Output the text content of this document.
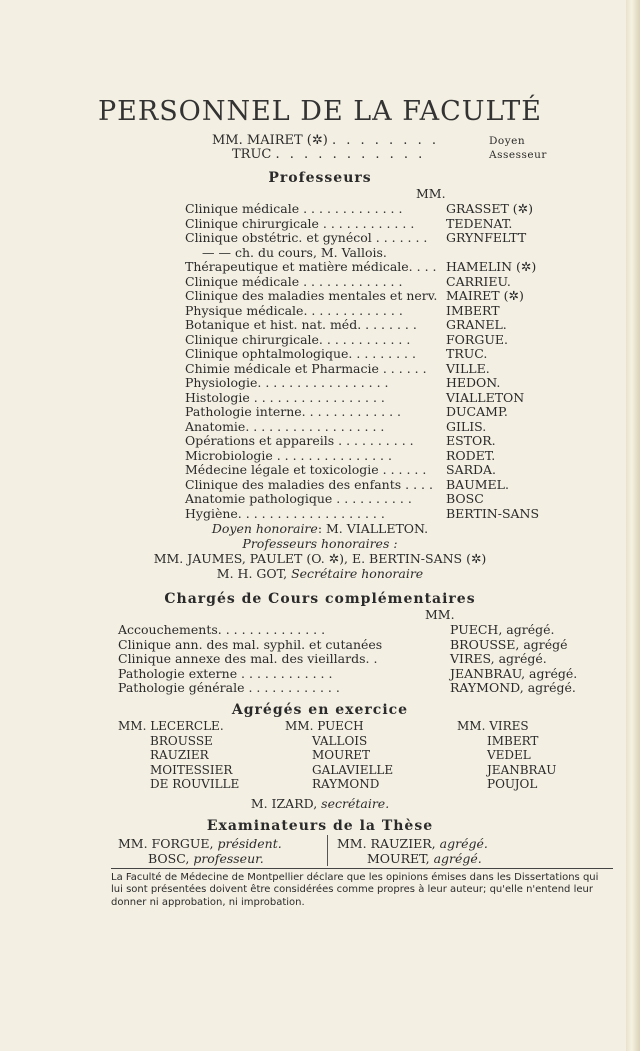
PERSONNEL DE LA FACULTÉ
MM. MAIRET (✲) . . . . . . . .	Doyen
TRUC . . . . . . . . . . .	Assesseur
Professeurs
MM.
Clinique médicale . . . . . . . . . . . . .	GRASSET (✲)
Clinique chirurgicale . . . . . . . . . . . .	TEDENAT.
Clinique obstétric. et gynécol . . . . . . . GRYNFELTT
— — ch. du cours, M. Vallois.
Thérapeutique et matière médicale. . . . HAMELIN (✲)
Clinique médicale . . . . . . . . . . . . .	CARRIEU.
Clinique des maladies mentales et nerv. MAIRET (✲)
Physique médicale. . . . . . . . . . . . .	IMBERT
Botanique et hist. nat. méd. . . . . . . . GRANEL.
Clinique chirurgicale. . . . . . . . . . . .	FORGUE.
Clinique ophtalmologique. . . . . . . . . TRUC.
Chimie médicale et Pharmacie . . . . . . VILLE.
Physiologie. . . . . . . . . . . . . . . . .	HEDON.
Histologie . . . . . . . . . . . . . . . . .	VIALLETON
Pathologie interne. . . . . . . . . . . . .	DUCAMP.
Anatomie. . . . . . . . . . . . . . . . . .	GILIS.
Opérations et appareils . . . . . . . . . .	ESTOR.
Microbiologie . . . . . . . . . . . . . . .	RODET.
Médecine légale et toxicologie . . . . . . SARDA.
Clinique des maladies des enfants . . . . BAUMEL.
Anatomie pathologique . . . . . . . . . .	BOSC
Hygiène. . . . . . . . . . . . . . . . . . .	BERTIN-SANS
Doyen honoraire: M. VIALLETON.
Professeurs honoraires :
MM. JAUMES, PAULET (O. ✲), E. BERTIN-SANS (✲)
M. H. GOT, Secrétaire honoraire
Chargés de Cours complémentaires
MM.
Accouchements. . . . . . . . . . . . . .	PUECH, agrégé.
Clinique ann. des mal. syphil. et cutanées	BROUSSE, agrégé
Clinique annexe des mal. des vieillards. .	VIRES, agrégé.
Pathologie externe . . . . . . . . . . . .	JEANBRAU, agrégé.
Pathologie générale . . . . . . . . . . . .	RAYMOND, agrégé.
Agrégés en exercice
MM. LECERCLE.
BROUSSE
RAUZIER
MOITESSIER
DE ROUVILLE
MM. PUECH
VALLOIS
MOURET
GALAVIELLE
RAYMOND
MM. VIRES
IMBERT
VEDEL
JEANBRAU
POUJOL
M. IZARD, secrétaire.
Examinateurs de la Thèse
MM. FORGUE, président.
BOSC, professeur.
MM. RAUZIER, agrégé.
MOURET, agrégé.
La Faculté de Médecine de Montpellier déclare que les opinions émises dans les Dissertations qui lui sont présentées doivent être considérées comme propres à leur auteur; qu'elle n'entend leur donner ni approbation, ni improbation.
